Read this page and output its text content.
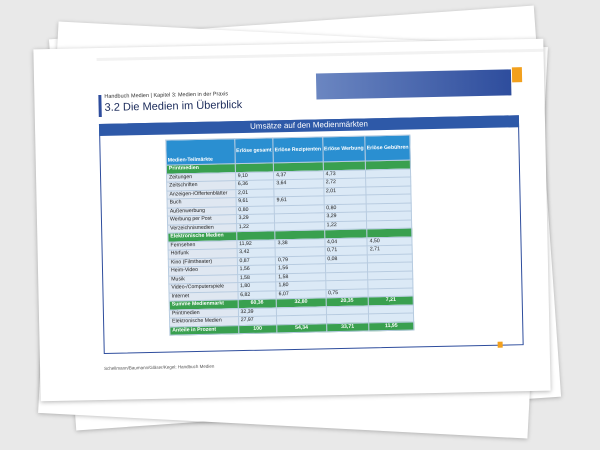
Handbuch Medien | Kapitel 3: Medien in der Praxis
3.2 Die Medien im Überblick
Umsätze auf den Medienmärkten
Medien-Teilmärkte	Erlöse gesamt	Erlöse Rezipienten	Erlöse Werbung	Erlöse Gebühren
Printmedien				
Zeitungen	9,10	4,37	4,73	
Zeitschriften	6,36	3,64	2,72	
Anzeigen-/Offertenblätter	2,01		2,01	
Buch	9,61	9,61		
Außenwerbung	0,80		0,80	
Werbung per Post	3,29		3,29	
Verzeichnismedien	1,22		1,22	
Elektronische Medien				
Fernsehen	11,92	3,38	4,04	4,50
Hörfunk	3,42		0,71	2,71
Kino (Filmtheater)	0,87	0,79	0,08	
Heim-Video	1,56	1,56		
Musik	1,58	1,58		
Video-/Computerspiele	1,80	1,80		
Internet	6,82	6,07	0,75	
Summe Medienmarkt	60,36	32,80	20,35	7,21
Printmedien	32,39			
Elektronische Medien	27,97			
Anteile in Prozent	100	54,34	33,71	11,95
Schellmann/Baumann/Gläser/Kegel: Handbuch Medien
